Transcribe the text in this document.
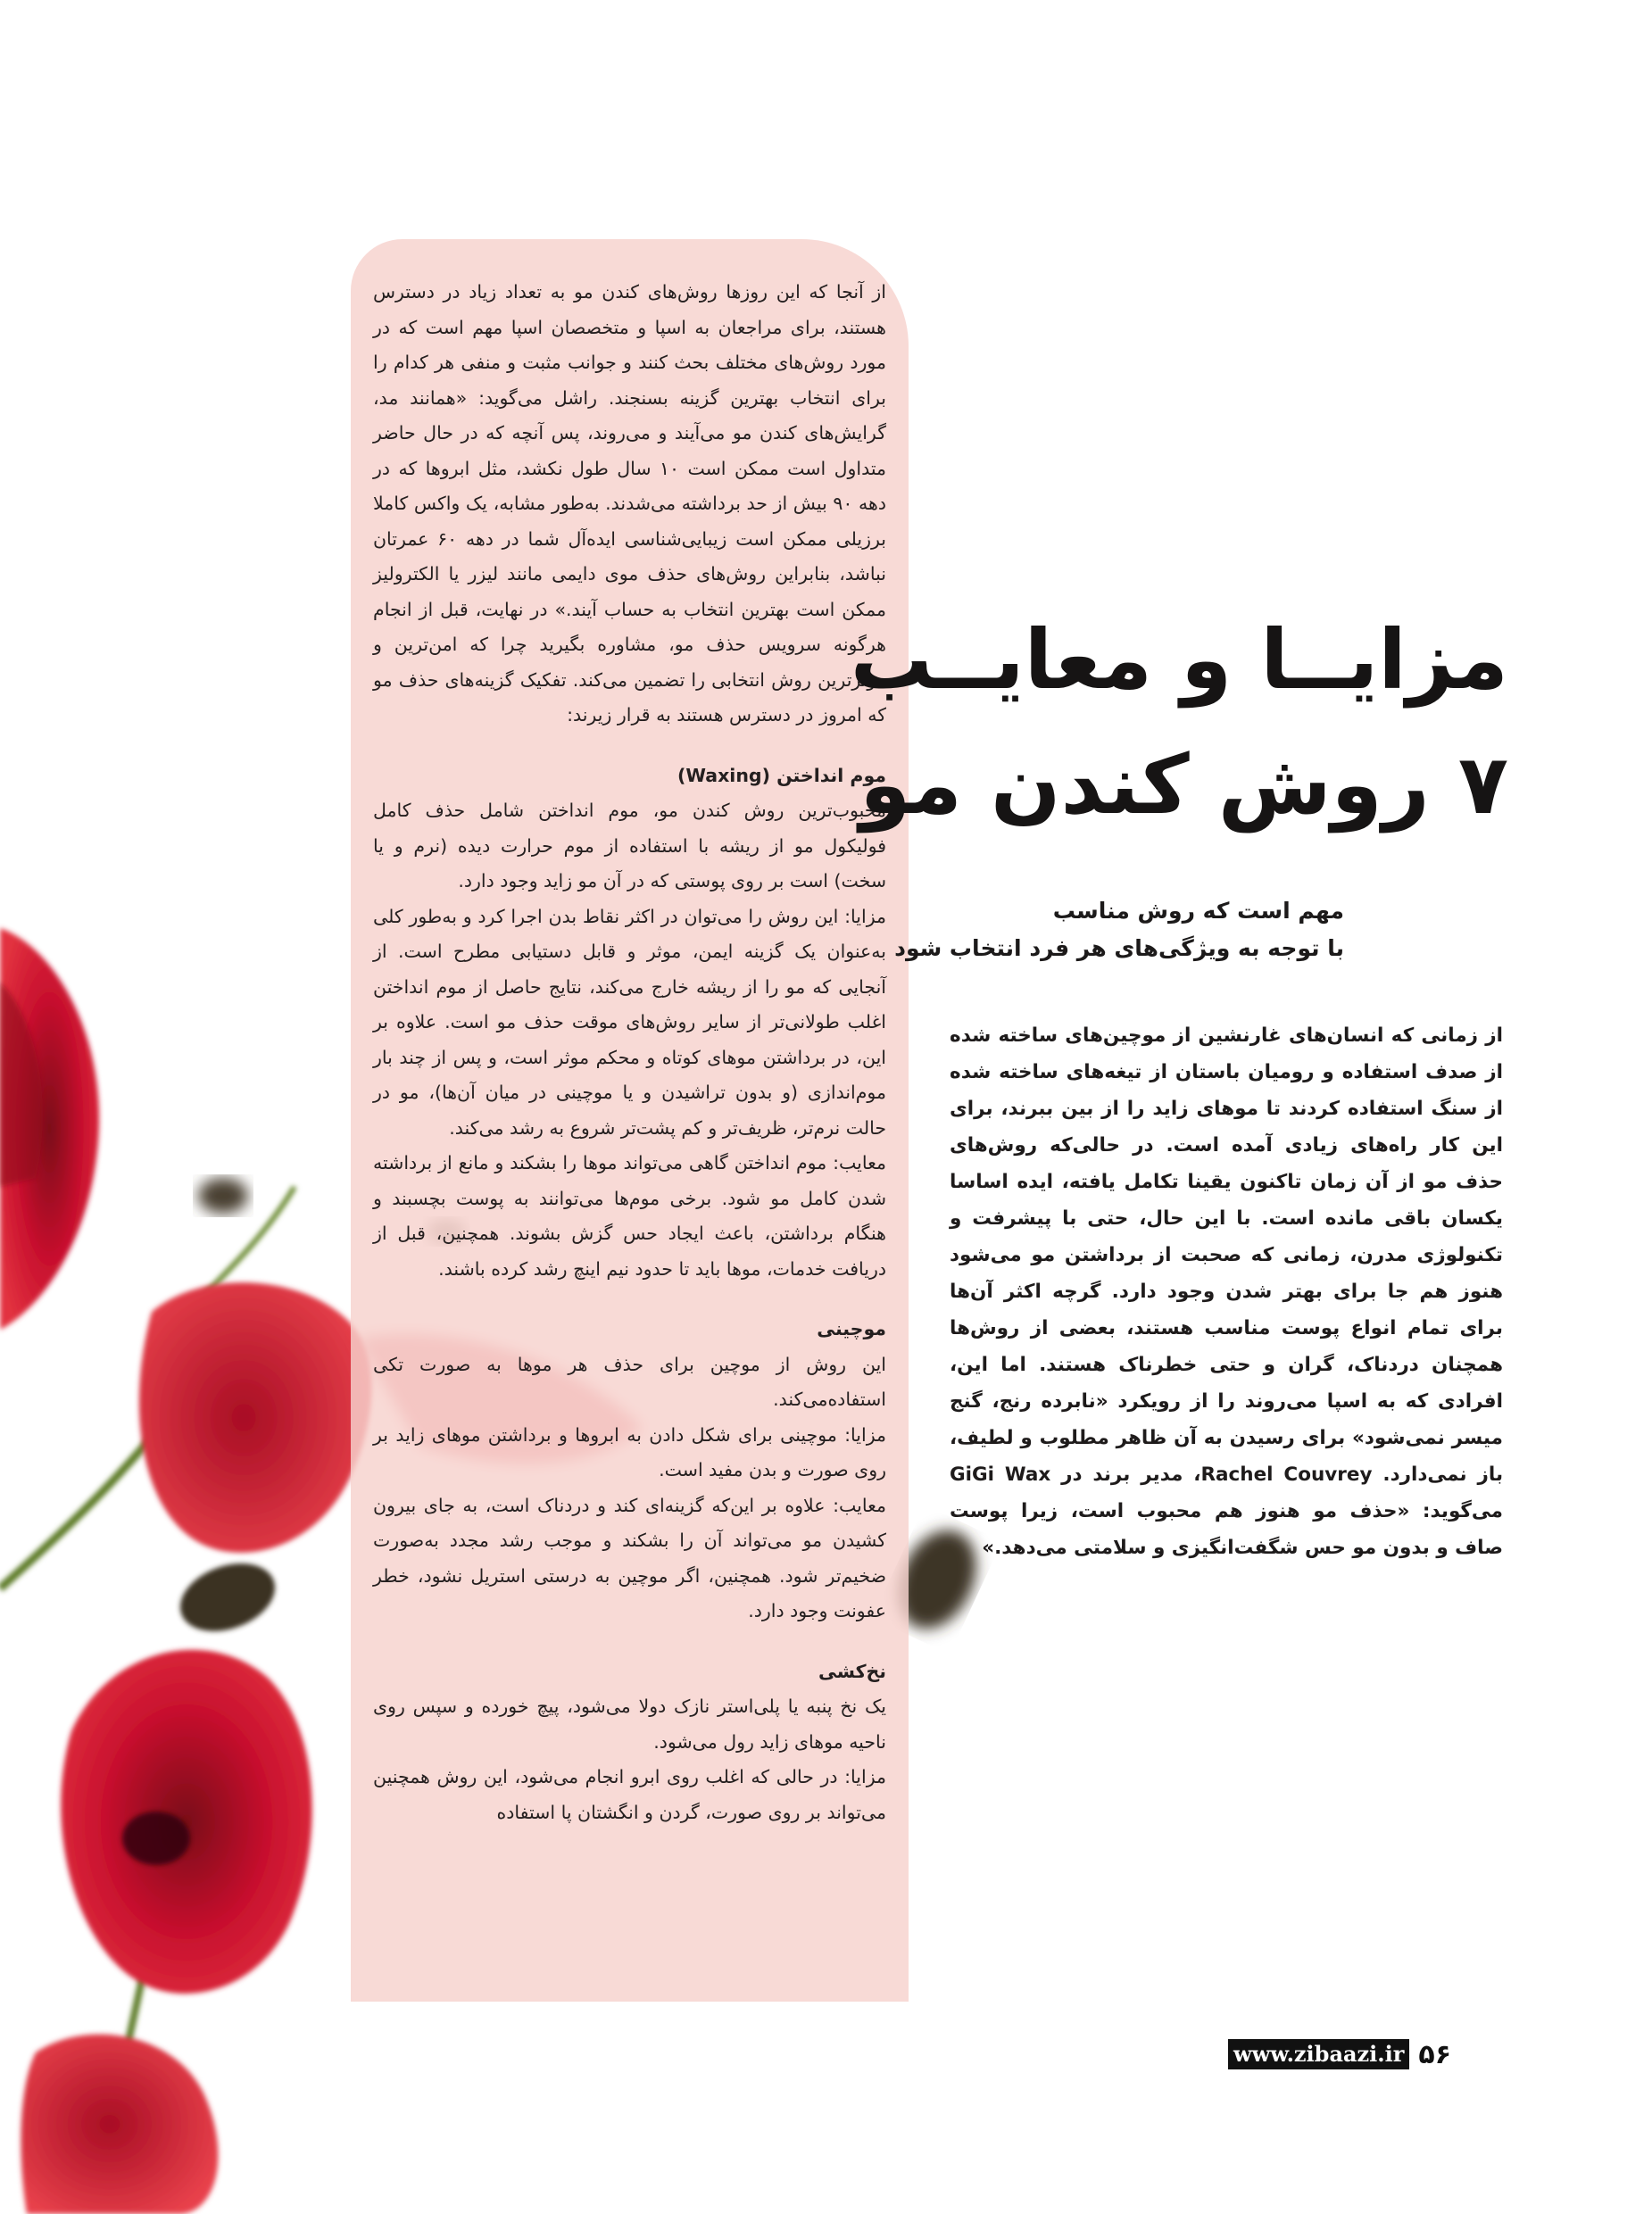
از آنجا که این روزها روش‌های کندن مو به تعداد زیاد در دسترس هستند، برای مراجعان به اسپا و متخصصان اسپا مهم است که در مورد روش‌های مختلف بحث کنند و جوانب مثبت و منفی هر کدام را برای انتخاب بهترین گزینه بسنجند. راشل می‌گوید: «همانند مد، گرایش‌های کندن مو می‌آیند و می‌روند، پس آنچه که در حال حاضر متداول است ممکن است ۱۰ سال طول نکشد، مثل ابروها که در دهه ۹۰ بیش از حد برداشته می‌شدند. به‌طور مشابه، یک واکس کاملا برزیلی ممکن است زیبایی‌شناسی ایده‌آل شما در دهه ۶۰ عمرتان نباشد، بنابراین روش‌های حذف موی دایمی مانند لیزر یا الکترولیز ممکن است بهترین انتخاب به حساب آیند.» در نهایت، قبل از انجام هرگونه سرویس حذف مو، مشاوره بگیرید چرا که امن‌ترین و موثرترین روش انتخابی را تضمین می‌کند. تفکیک گزینه‌های حذف مو که امروز در دسترس هستند به قرار زیرند:

موم انداختن (Waxing)

محبوب‌ترین روش کندن مو، موم انداختن شامل حذف کامل فولیکول مو از ریشه با استفاده از موم حرارت دیده (نرم و یا سخت) است بر روی پوستی که در آن مو زاید وجود دارد.

مزایا: این روش را می‌توان در اکثر نقاط بدن اجرا کرد و به‌طور کلی به‌عنوان یک گزینه ایمن، موثر و قابل دستیابی مطرح است. از آنجایی که مو را از ریشه خارج می‌کند، نتایج حاصل از موم انداختن اغلب طولانی‌تر از سایر روش‌های موقت حذف مو است. علاوه بر این، در برداشتن موهای کوتاه و محکم موثر است، و پس از چند بار موم‌اندازی (و بدون تراشیدن و یا موچینی در میان آن‌ها)، مو در حالت نرم‌تر، ظریف‌تر و کم پشت‌تر شروع به رشد می‌کند.

معایب: موم انداختن گاهی می‌تواند موها را بشکند و مانع از برداشته شدن کامل مو شود. برخی موم‌ها می‌توانند به پوست بچسبند و هنگام برداشتن، باعث ایجاد حس گزش بشوند. همچنین، قبل از دریافت خدمات، موها باید تا حدود نیم اینچ رشد کرده باشند.

موچینی

این روش از موچین برای حذف هر موها به صورت تکی استفاده‌می‌کند.

مزایا: موچینی برای شکل دادن به ابروها و برداشتن موهای زاید بر روی صورت و بدن مفید است.

معایب: علاوه بر این‌که گزینه‌ای کند و دردناک است، به جای بیرون کشیدن مو می‌تواند آن را بشکند و موجب رشد مجدد به‌صورت ضخیم‌تر شود. همچنین، اگر موچین به درستی استریل نشود، خطر عفونت وجود دارد.

نخ‌کشی

یک نخ پنبه یا پلی‌استر نازک دولا می‌شود، پیچ خورده و سپس روی ناحیه موهای زاید رول می‌شود.

مزایا: در حالی که اغلب روی ابرو انجام می‌شود، این روش همچنین می‌تواند بر روی صورت، گردن و انگشتان پا استفاده

مزایــا و معایــب
۷ روش کندن مو
مهم است که روش مناسب
با توجه به ویژگی‌های هر فرد انتخاب شود

از زمانی که انسان‌های غارنشین از موچین‌های ساخته شده از صدف استفاده و رومیان باستان از تیغه‌های ساخته شده از سنگ استفاده کردند تا موهای زاید را از بین ببرند، برای این کار راه‌های زیادی آمده است. در حالی‌که روش‌های حذف مو از آن زمان تاکنون یقینا تکامل یافته، ایده اساسا یکسان باقی مانده است. با این حال، حتی با پیشرفت و تکنولوژی مدرن، زمانی که صحبت از برداشتن مو می‌شود هنوز هم جا برای بهتر شدن وجود دارد. گرچه اکثر آن‌ها برای تمام انواع پوست مناسب هستند، بعضی از روش‌ها همچنان دردناک، گران و حتی خطرناک هستند. اما این، افرادی که به اسپا می‌روند را از رویکرد «نابرده رنج، گنج میسر نمی‌شود» برای رسیدن به آن ظاهر مطلوب و لطیف، باز نمی‌دارد. Rachel Couvrey، مدیر برند در GiGi Wax می‌گوید: «حذف مو هنوز هم محبوب است، زیرا پوست صاف و بدون مو حس شگفت‌انگیزی و سلامتی می‌دهد.»

www.zibaazi.ir ۵۶
